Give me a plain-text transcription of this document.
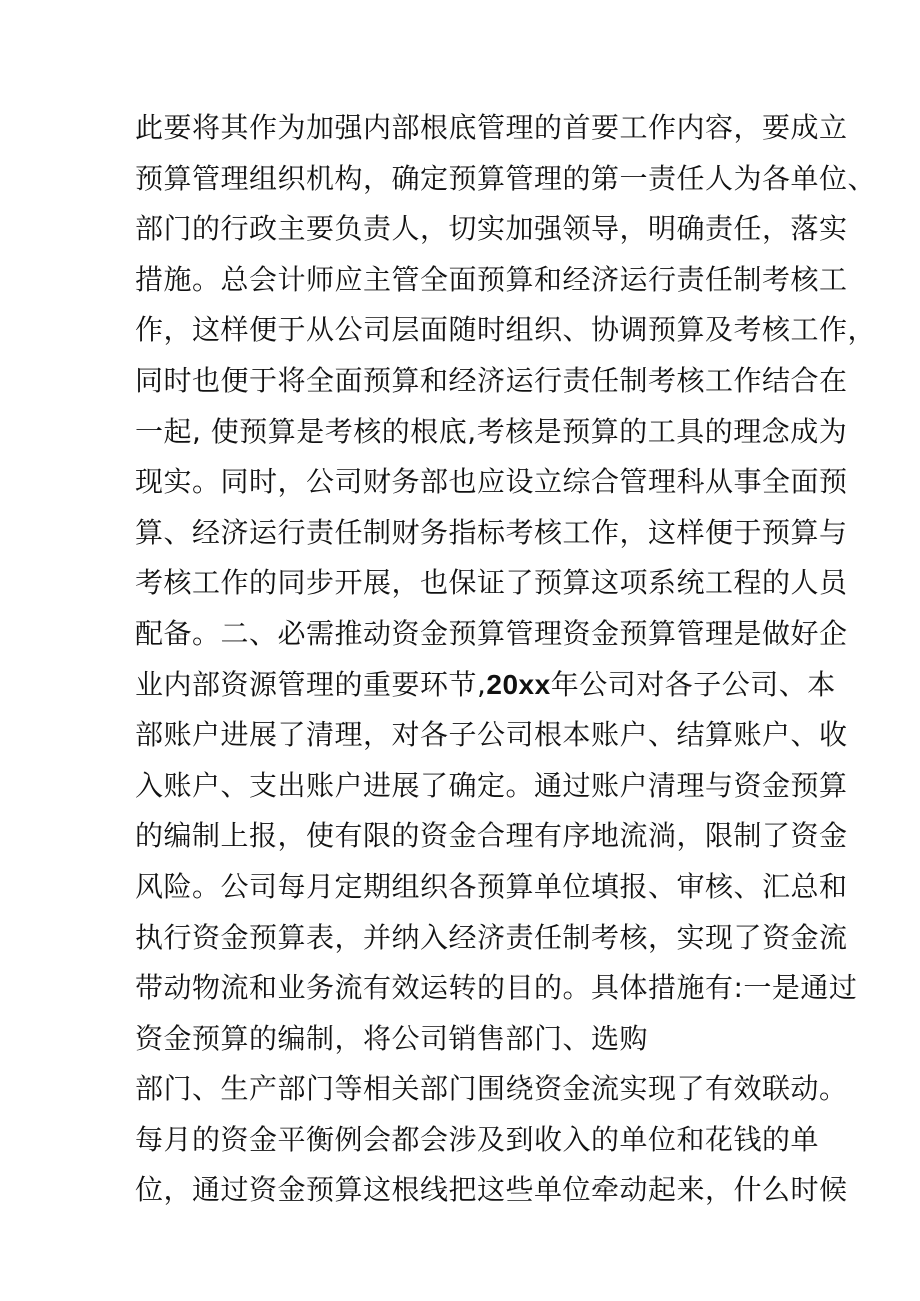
此要将其作为加强内部根底管理的首要工作内容，要成立
预算管理组织机构，确定预算管理的第一责任人为各单位、
部门的行政主要负责人，切实加强领导，明确责任，落实
措施。总会计师应主管全面预算和经济运行责任制考核工
作，这样便于从公司层面随时组织、协调预算及考核工作，
同时也便于将全面预算和经济运行责任制考核工作结合在
一起, 使预算是考核的根底,考核是预算的工具的理念成为
现实。同时，公司财务部也应设立综合管理科从事全面预
算、经济运行责任制财务指标考核工作，这样便于预算与
考核工作的同步开展，也保证了预算这项系统工程的人员
配备。二、必需推动资金预算管理资金预算管理是做好企
业内部资源管理的重要环节,20xx年公司对各子公司、本
部账户进展了清理，对各子公司根本账户、结算账户、收
入账户、支出账户进展了确定。通过账户清理与资金预算
的编制上报，使有限的资金合理有序地流淌，限制了资金
风险。公司每月定期组织各预算单位填报、审核、汇总和
执行资金预算表，并纳入经济责任制考核，实现了资金流
带动物流和业务流有效运转的目的。具体措施有:一是通过
资金预算的编制，将公司销售部门、选购
部门、生产部门等相关部门围绕资金流实现了有效联动。
每月的资金平衡例会都会涉及到收入的单位和花钱的单
位，通过资金预算这根线把这些单位牵动起来，什么时候
